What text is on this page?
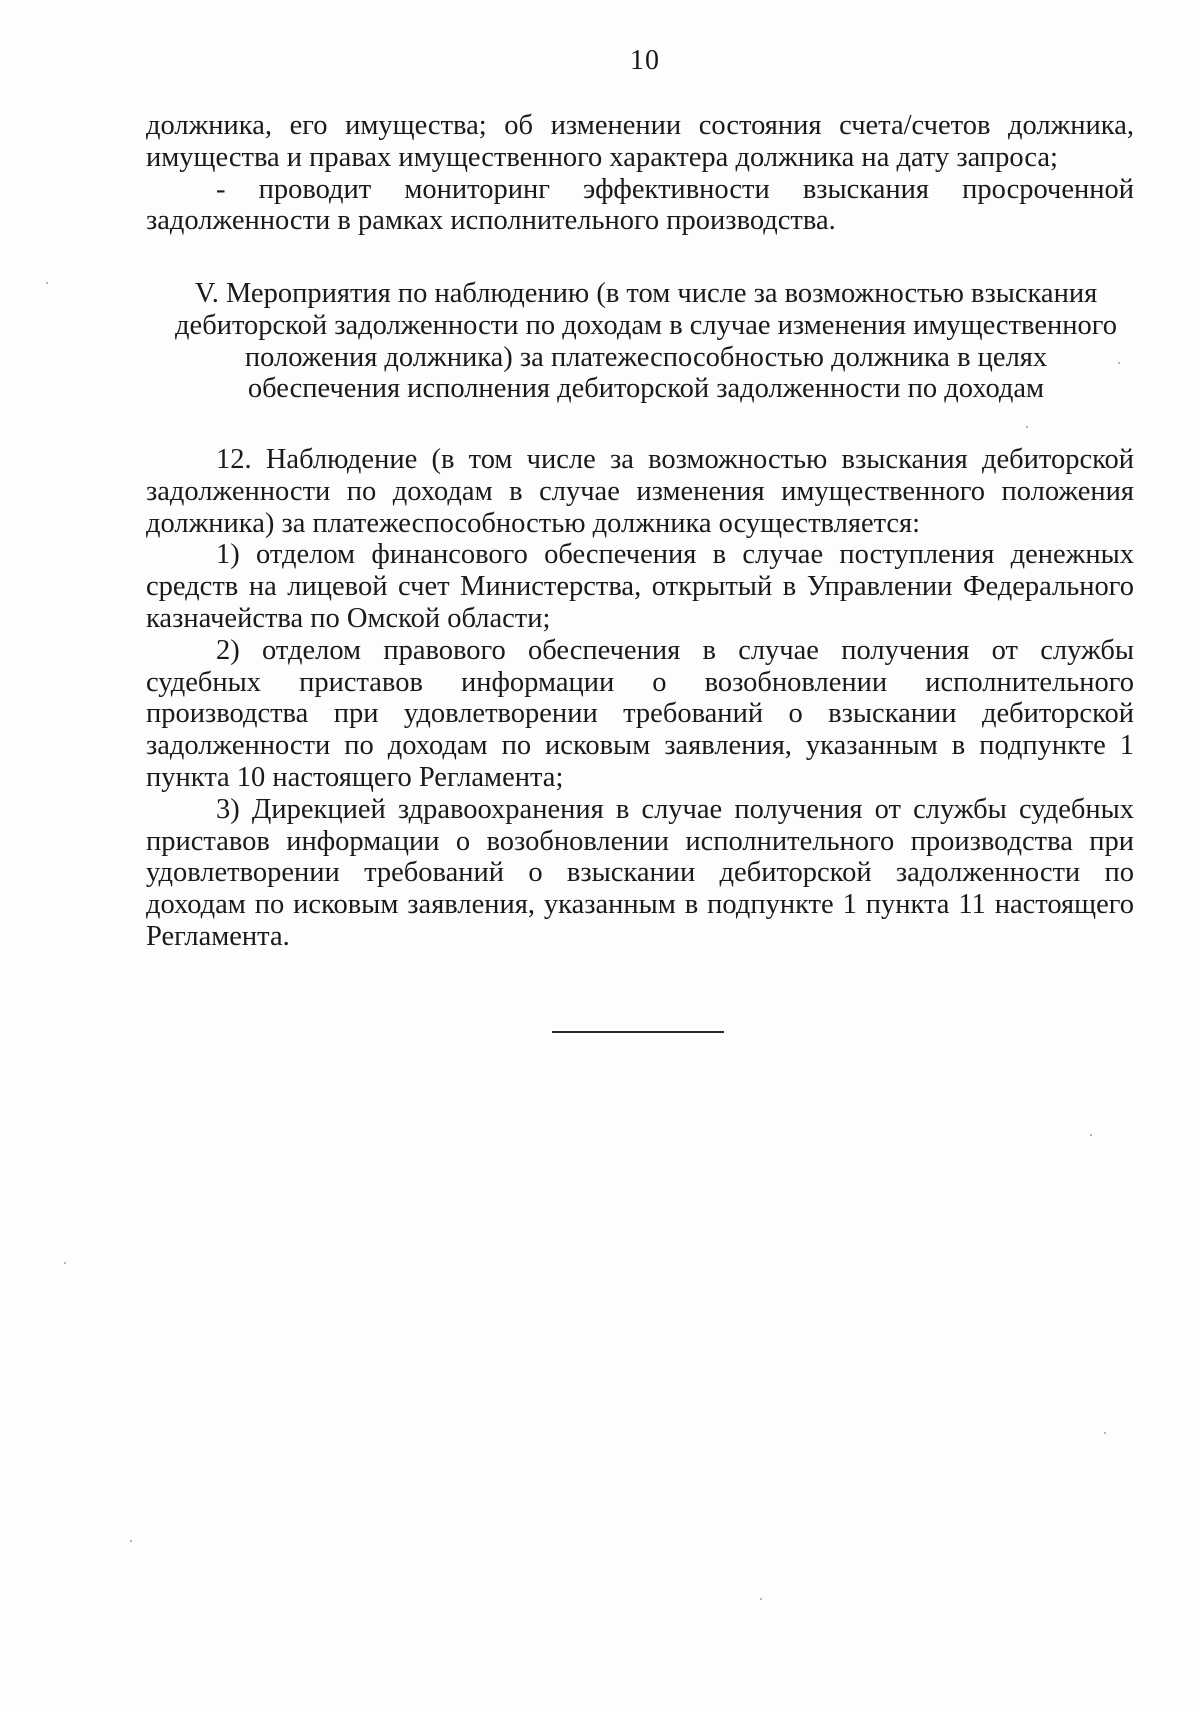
10

должника, его имущества; об изменении состояния счета/счетов должника, имущества и правах имущественного характера должника на дату запроса;

- проводит мониторинг эффективности взыскания просроченной задолженности в рамках исполнительного производства.

V. Мероприятия по наблюдению (в том числе за возможностью взыскания
дебиторской задолженности по доходам в случае изменения имущественного
положения должника) за платежеспособностью должника в целях
обеспечения исполнения дебиторской задолженности по доходам

12. Наблюдение (в том числе за возможностью взыскания дебиторской задолженности по доходам в случае изменения имущественного положения должника) за платежеспособностью должника осуществляется:

1) отделом финансового обеспечения в случае поступления денежных средств на лицевой счет Министерства, открытый в Управлении Федерального казначейства по Омской области;

2) отделом правового обеспечения в случае получения от службы судебных приставов информации о возобновлении исполнительного производства при удовлетворении требований о взыскании дебиторской задолженности по доходам по исковым заявления, указанным в подпункте 1 пункта 10 настоящего Регламента;

3) Дирекцией здравоохранения в случае получения от службы судебных приставов информации о возобновлении исполнительного производства при удовлетворении требований о взыскании дебиторской задолженности по доходам по исковым заявления, указанным в подпункте 1 пункта 11 настоящего Регламента.
